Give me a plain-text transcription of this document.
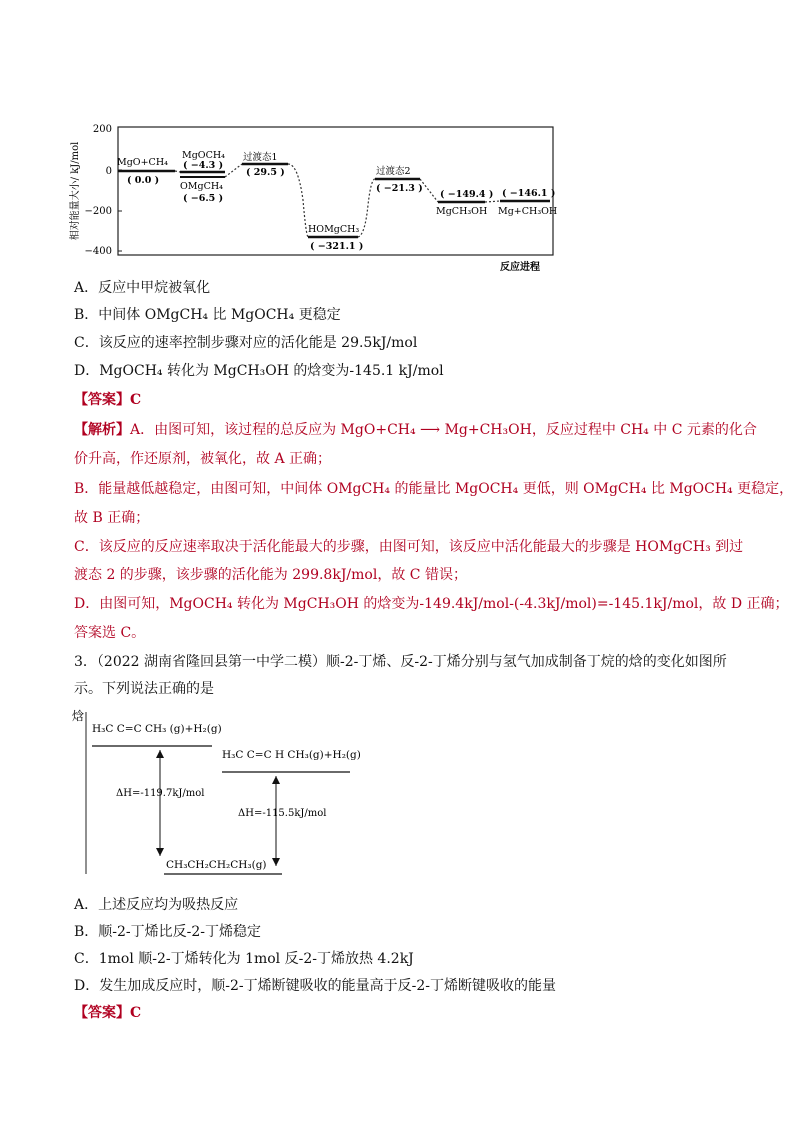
相对能量大小/ kJ/mol
200
0
−200
−400
MgO+CH₄
( 0.0 )
MgOCH₄
( −4.3 )
OMgCH₄
( −6.5 )
过渡态1
( 29.5 )
HOMgCH₃
( −321.1 )
过渡态2
( −21.3 )
( −149.4 )
MgCH₃OH
( −146.1 )
Mg+CH₃OH
反应进程
A．反应中甲烷被氧化
B．中间体 OMgCH₄ 比 MgOCH₄ 更稳定
C．该反应的速率控制步骤对应的活化能是 29.5kJ/mol
D．MgOCH₄ 转化为 MgCH₃OH 的焓变为-145.1 kJ/mol
【答案】C
【解析】A．由图可知，该过程的总反应为 MgO+CH₄ ⟶ Mg+CH₃OH，反应过程中 CH₄ 中 C 元素的化合
价升高，作还原剂，被氧化，故 A 正确；
B．能量越低越稳定，由图可知，中间体 OMgCH₄ 的能量比 MgOCH₄ 更低，则 OMgCH₄ 比 MgOCH₄ 更稳定，
故 B 正确；
C．该反应的反应速率取决于活化能最大的步骤，由图可知，该反应中活化能最大的步骤是 HOMgCH₃ 到过
渡态 2 的步骤，该步骤的活化能为 299.8kJ/mol，故 C 错误；
D．由图可知，MgOCH₄ 转化为 MgCH₃OH 的焓变为-149.4kJ/mol-(-4.3kJ/mol)=-145.1kJ/mol，故 D 正确；
答案选 C。
3．（2022 湖南省隆回县第一中学二模）顺-2-丁烯、反-2-丁烯分别与氢气加成制备丁烷的焓的变化如图所
示。下列说法正确的是
焓
H₃C C=C CH₃ (g)+H₂(g)
H₃C C=C H CH₃(g)+H₂(g)
ΔH=-119.7kJ/mol
ΔH=-115.5kJ/mol
CH₃CH₂CH₂CH₃(g)
A．上述反应均为吸热反应
B．顺-2-丁烯比反-2-丁烯稳定
C．1mol 顺-2-丁烯转化为 1mol 反-2-丁烯放热 4.2kJ
D．发生加成反应时，顺-2-丁烯断键吸收的能量高于反-2-丁烯断键吸收的能量
【答案】C
